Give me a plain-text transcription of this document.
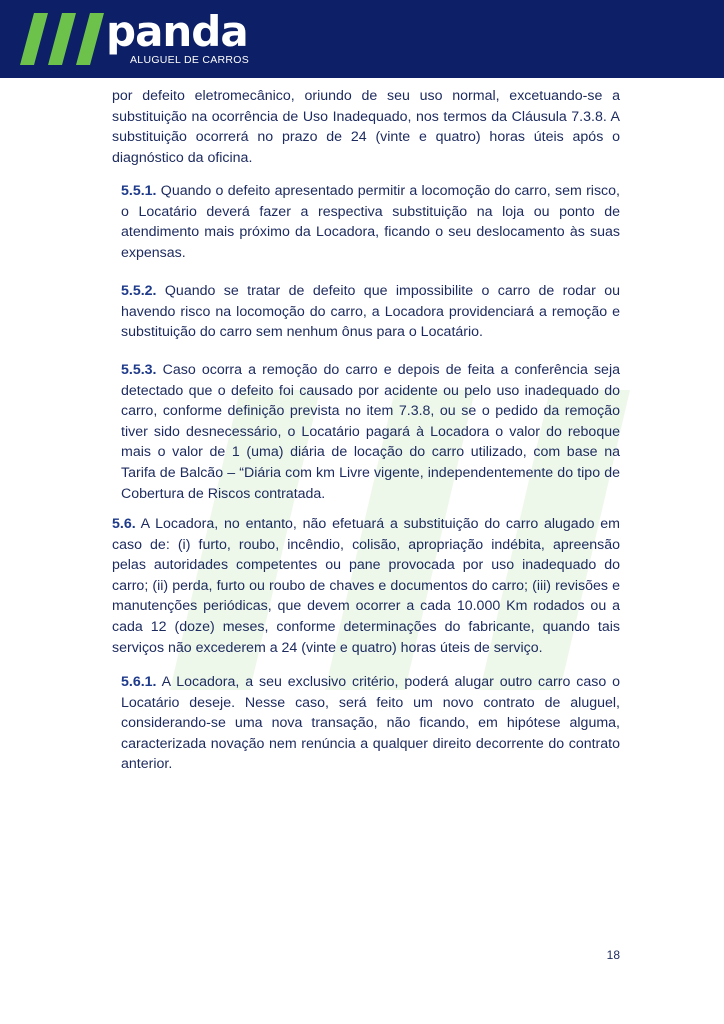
panda
ALUGUEL DE CARROS

por defeito eletromecânico, oriundo de seu uso normal, excetuando-se a substituição na ocorrência de Uso Inadequado, nos termos da Cláusula 7.3.8. A substituição ocorrerá no prazo de 24 (vinte e quatro) horas úteis após o diagnóstico da oficina.

5.5.1. Quando o defeito apresentado permitir a locomoção do carro, sem risco, o Locatário deverá fazer a respectiva substituição na loja ou ponto de atendimento mais próximo da Locadora, ficando o seu deslocamento às suas expensas.

5.5.2. Quando se tratar de defeito que impossibilite o carro de rodar ou havendo risco na locomoção do carro, a Locadora providenciará a remoção e substituição do carro sem nenhum ônus para o Locatário.

5.5.3. Caso ocorra a remoção do carro e depois de feita a conferência seja detectado que o defeito foi causado por acidente ou pelo uso inadequado do carro, conforme definição prevista no item 7.3.8, ou se o pedido da remoção tiver sido desnecessário, o Locatário pagará à Locadora o valor do reboque mais o valor de 1 (uma) diária de locação do carro utilizado, com base na Tarifa de Balcão – “Diária com km Livre vigente, independentemente do tipo de Cobertura de Riscos contratada.

5.6. A Locadora, no entanto, não efetuará a substituição do carro alugado em caso de: (i) furto, roubo, incêndio, colisão, apropriação indébita, apreensão pelas autoridades competentes ou pane provocada por uso inadequado do carro; (ii) perda, furto ou roubo de chaves e documentos do carro; (iii) revisões e manutenções periódicas, que devem ocorrer a cada 10.000 Km rodados ou a cada 12 (doze) meses, conforme determinações do fabricante, quando tais serviços não excederem a 24 (vinte e quatro) horas úteis de serviço.

5.6.1. A Locadora, a seu exclusivo critério, poderá alugar outro carro caso o Locatário deseje. Nesse caso, será feito um novo contrato de aluguel, considerando-se uma nova transação, não ficando, em hipótese alguma, caracterizada novação nem renúncia a qualquer direito decorrente do contrato anterior.

18
